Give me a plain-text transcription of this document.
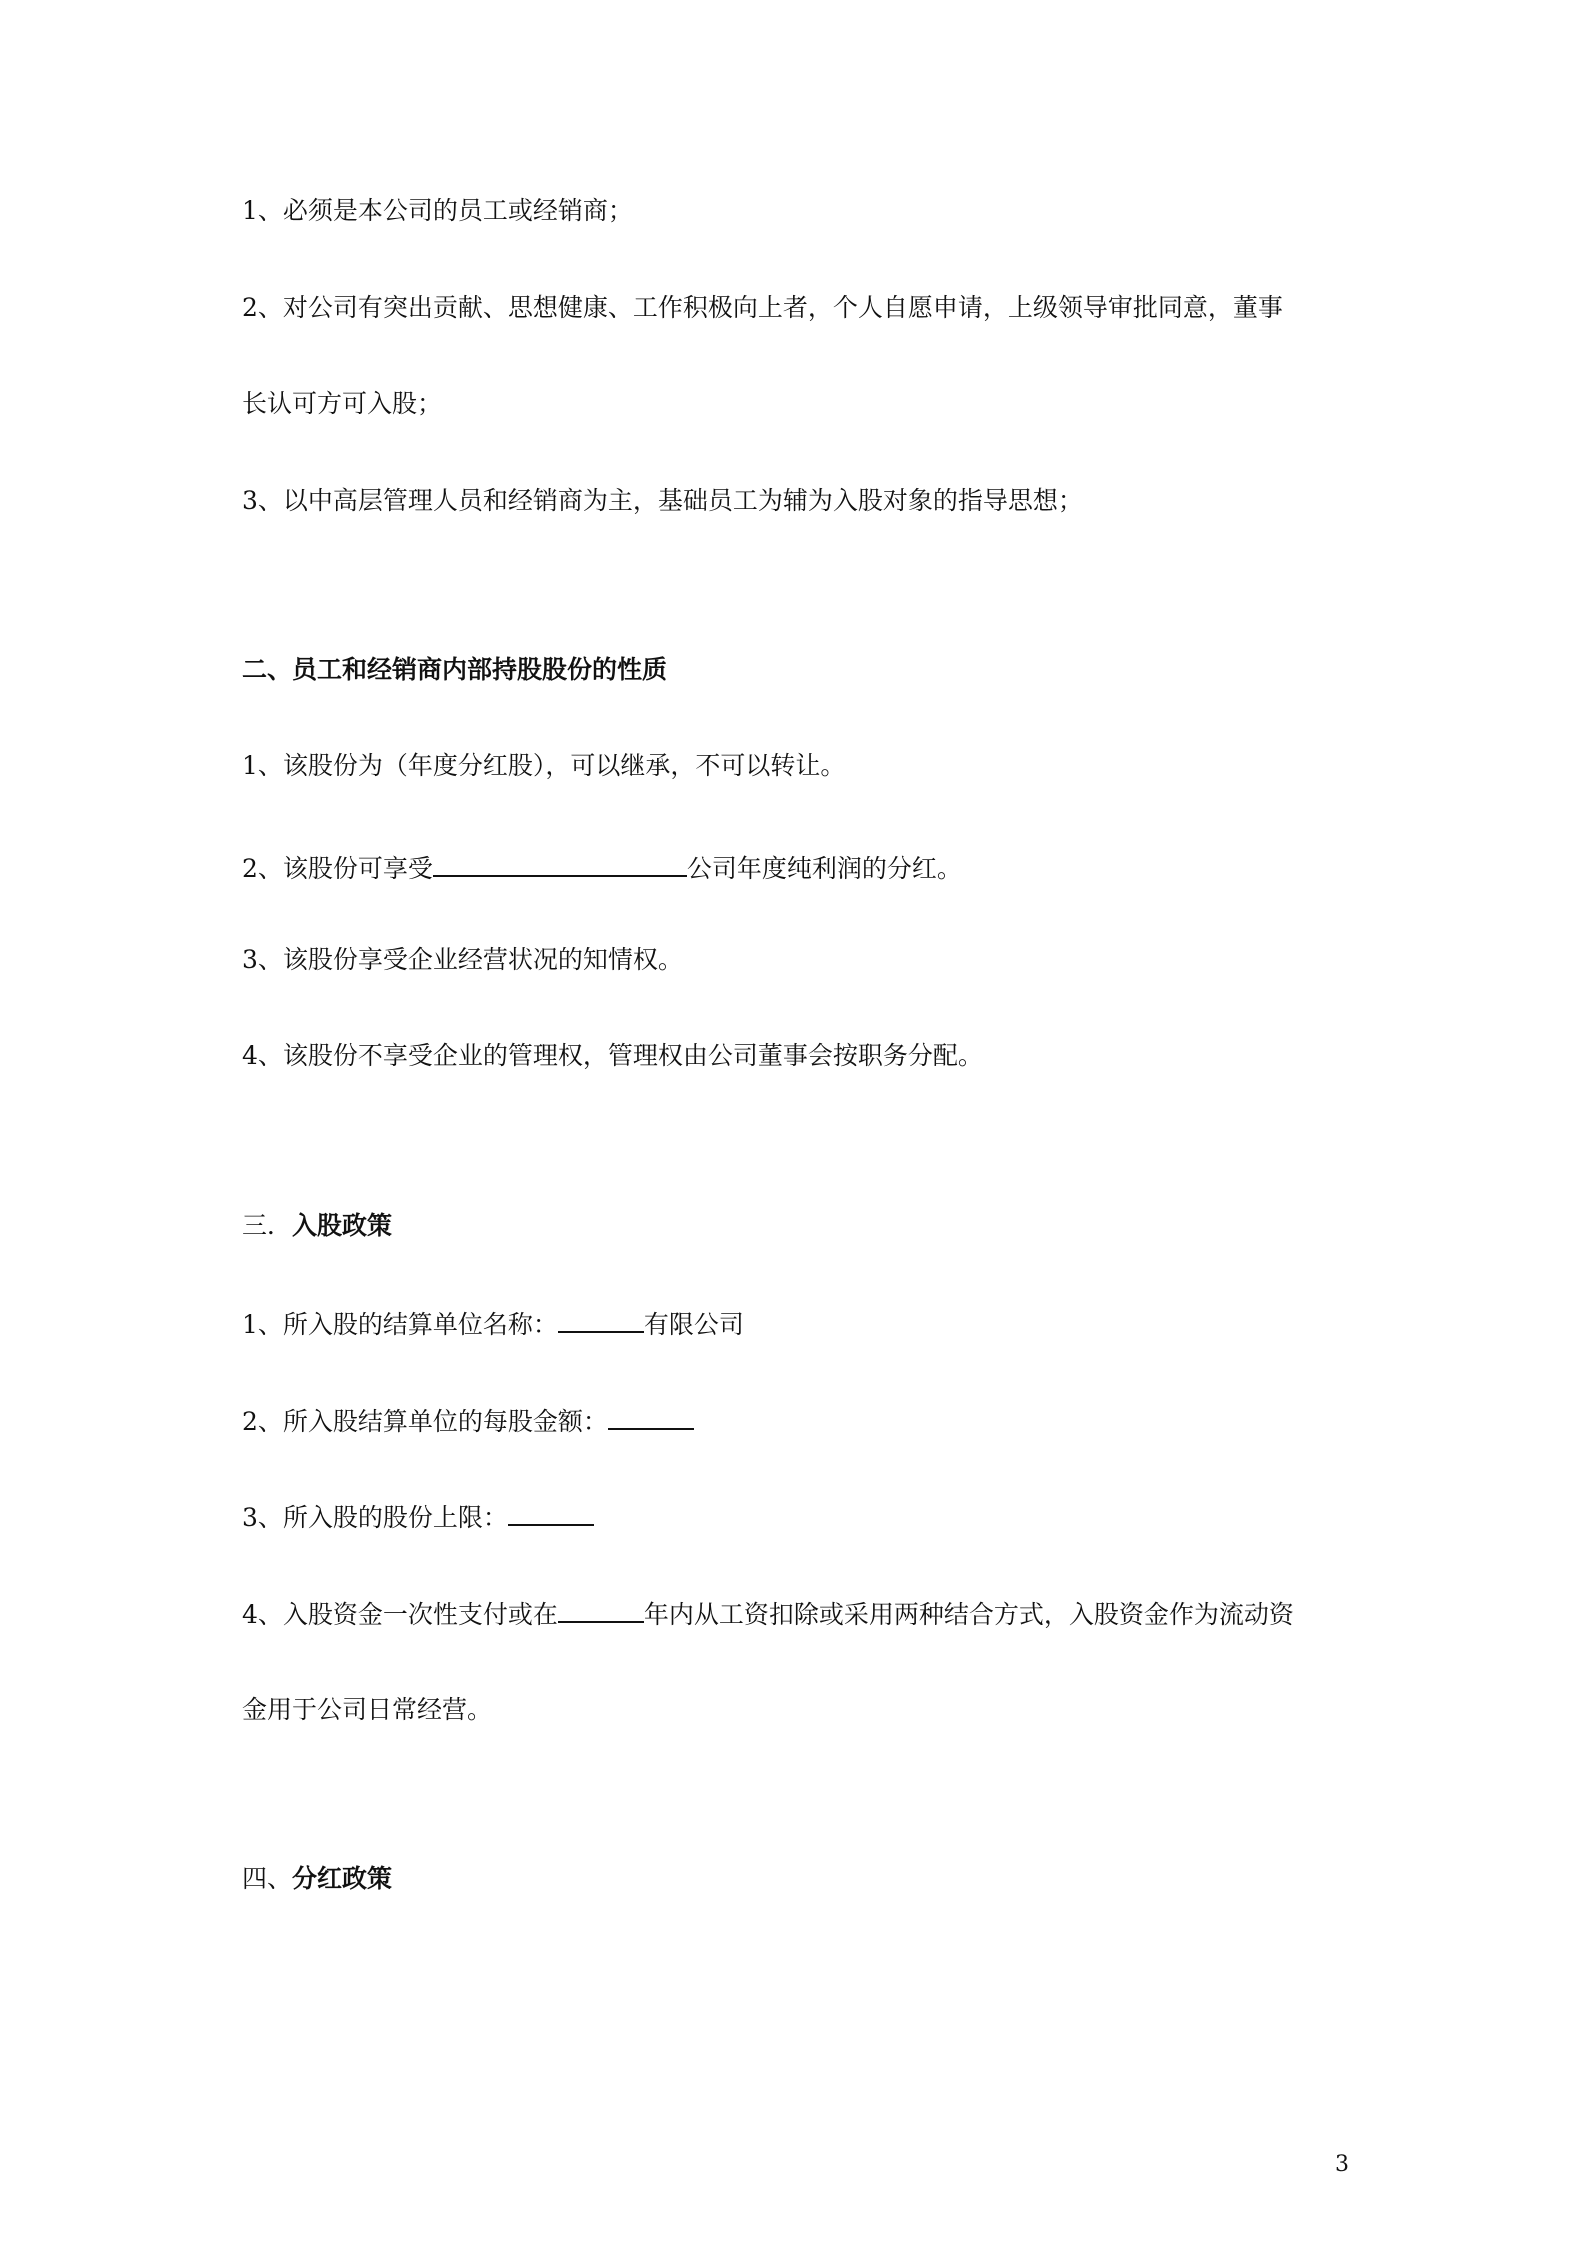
1、必须是本公司的员工或经销商；
2、对公司有突出贡献、思想健康、工作积极向上者，个人自愿申请，上级领导审批同意，董事
长认可方可入股；
3、以中高层管理人员和经销商为主，基础员工为辅为入股对象的指导思想；
二、员工和经销商内部持股股份的性质
1、该股份为（年度分红股），可以继承，不可以转让。
2、该股份可享受	公司年度纯利润的分红。
3、该股份享受企业经营状况的知情权。
4、该股份不享受企业的管理权，管理权由公司董事会按职务分配。
三．入股政策
1、所入股的结算单位名称：	有限公司
2、所入股结算单位的每股金额：
3、所入股的股份上限：
4、入股资金一次性支付或在	年内从工资扣除或采用两种结合方式，入股资金作为流动资
金用于公司日常经营。
四、分红政策
3
